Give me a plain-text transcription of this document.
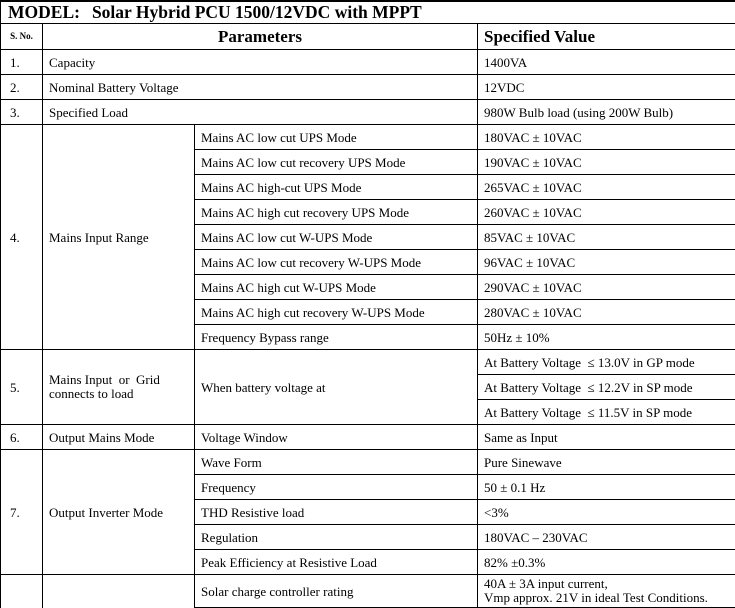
MODEL: Solar Hybrid PCU 1500/12VDC with MPPT			
S. No.	Parameters		Specified Value
1.	Capacity		1400VA
2.	Nominal Battery Voltage		12VDC
3.	Specified Load		980W Bulb load (using 200W Bulb)
4.	Mains Input Range	Mains AC low cut UPS Mode	180VAC ± 10VAC
		Mains AC low cut recovery UPS Mode	190VAC ± 10VAC
		Mains AC high-cut UPS Mode	265VAC ± 10VAC
		Mains AC high cut recovery UPS Mode	260VAC ± 10VAC
		Mains AC low cut W-UPS Mode	85VAC ± 10VAC
		Mains AC low cut recovery W-UPS Mode	96VAC ± 10VAC
		Mains AC high cut W-UPS Mode	290VAC ± 10VAC
		Mains AC high cut recovery W-UPS Mode	280VAC ± 10VAC
		Frequency Bypass range	50Hz ± 10%
5.	Mains Input  or  Grid
connects to load	When battery voltage at	At Battery Voltage  ≤ 13.0V in GP mode
			At Battery Voltage  ≤ 12.2V in SP mode
			At Battery Voltage  ≤ 11.5V in SP mode
6.	Output Mains Mode	Voltage Window	Same as Input
7.	Output Inverter Mode	Wave Form	Pure Sinewave
		Frequency	50 ± 0.1 Hz
		THD Resistive load	<3%
		Regulation	180VAC – 230VAC
		Peak Efficiency at Resistive Load	82% ±0.3%
		Solar charge controller rating	40A ± 3A input current,
Vmp approx. 21V in ideal Test Conditions.
